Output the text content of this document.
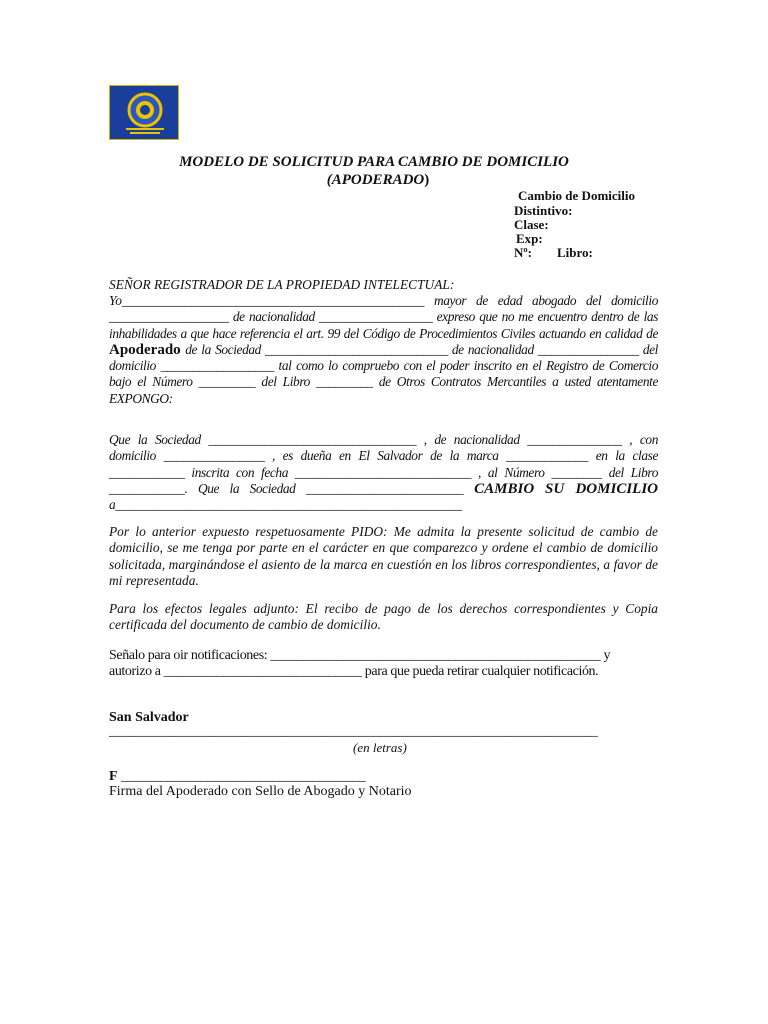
MODELO DE SOLICITUD PARA CAMBIO DE DOMICILIO
(APODERADO)
Cambio de Domicilio
Distintivo:
Clase:
Exp:
Nº: Libro:

SEÑOR REGISTRADOR DE LA PROPIEDAD INTELECTUAL:

Yo________________________________________________ mayor de edad abogado del domicilio ___________________ de nacionalidad __________________ expreso que no me encuentro dentro de las inhabilidades a que hace referencia el art. 99 del Código de Procedimientos Civiles actuando en calidad de Apoderado de la Sociedad _____________________________ de nacionalidad ________________ del domicilio __________________ tal como lo compruebo con el poder inscrito en el Registro de Comercio bajo el Número _________ del Libro _________ de Otros Contratos Mercantiles a usted atentamente EXPONGO:

Que la Sociedad _________________________________ , de nacionalidad _______________ , con domicilio ________________ , es dueña en El Salvador de la marca _____________ en la clase ____________ inscrita con fecha ____________________________ , al Número ________ del Libro ____________. Que la Sociedad _________________________ CAMBIO SU DOMICILIO a_______________________________________________________

Por lo anterior expuesto respetuosamente PIDO: Me admita la presente solicitud de cambio de domicilio, se me tenga por parte en el carácter en que comparezco y ordene el cambio de domicilio solicitada, marginándose el asiento de la marca en cuestión en los libros correspondientes, a favor de mi representada.

Para los efectos legales adjunto: El recibo de pago de los derechos correspondientes y Copia certificada del documento de cambio de domicilio.

Señalo para oir notificaciones: __________________________________________________ y
autorizo a ______________________________ para que pueda retirar cualquier notificación.
San Salvador
__________________________________________________________________________
(en letras)
F _____________________________________
Firma del Apoderado con Sello de Abogado y Notario
